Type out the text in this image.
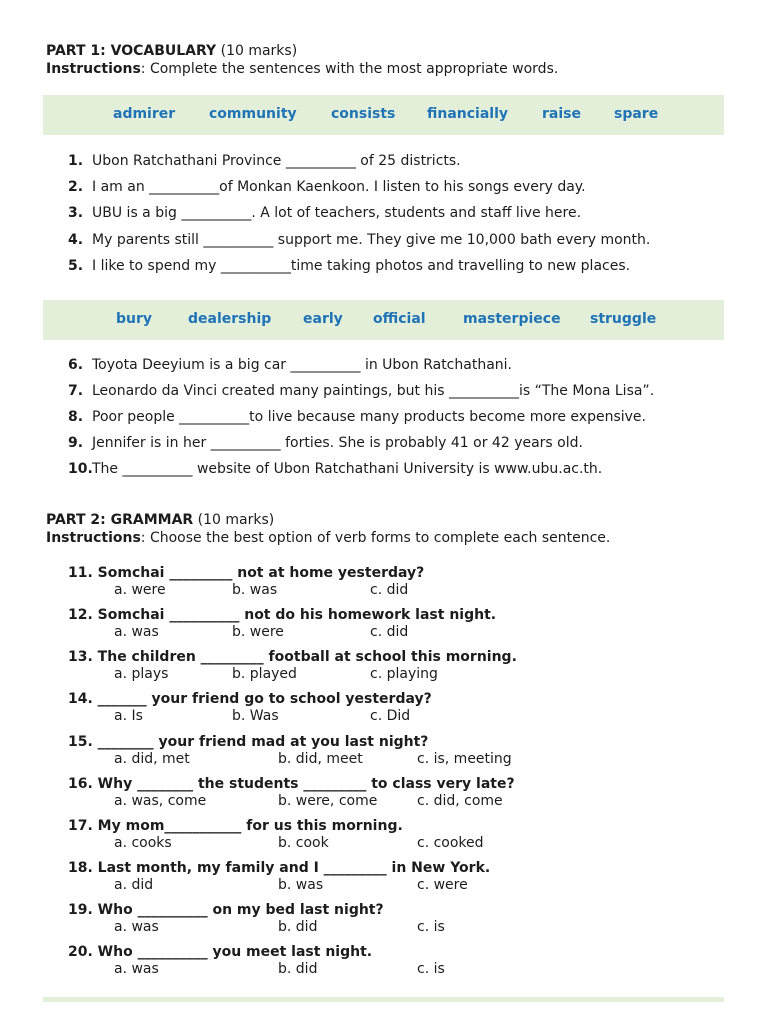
PART 1: VOCABULARY (10 marks)
Instructions: Complete the sentences with the most appropriate words.
admirer community consists financially raise spare
1. Ubon Ratchathani Province __________ of 25 districts.
2. I am an __________of Monkan Kaenkoon. I listen to his songs every day.
3. UBU is a big __________. A lot of teachers, students and staff live here.
4. My parents still __________ support me. They give me 10,000 bath every month.
5. I like to spend my __________time taking photos and travelling to new places.
bury	dealership early official	masterpiece struggle
6. Toyota Deeyium is a big car __________ in Ubon Ratchathani.
7. Leonardo da Vinci created many paintings, but his __________is “The Mona Lisa”.
8. Poor people __________to live because many products become more expensive.
9. Jennifer is in her __________ forties. She is probably 41 or 42 years old.
10.The __________ website of Ubon Ratchathani University is www.ubu.ac.th.
PART 2: GRAMMAR (10 marks)
Instructions: Choose the best option of verb forms to complete each sentence.
11. Somchai _________ not at home yesterday?
a. were	b. was	c. did
12. Somchai __________ not do his homework last night.
a. was	b. were	c. did
13. The children _________ football at school this morning.
a. plays	b. played	c. playing
14. _______ your friend go to school yesterday?
a. Is	b. Was	c. Did
15. ________ your friend mad at you last night?
a. did, met	b. did, meet	c. is, meeting
16. Why ________ the students _________ to class very late?
a. was, come	b. were, come	c. did, come
17. My mom___________ for us this morning.
a. cooks	b. cook	c. cooked
18. Last month, my family and I _________ in New York.
a. did	b. was	c. were
19. Who __________ on my bed last night?
a. was	b. did	c. is
20. Who __________ you meet last night.
a. was	b. did	c. is
